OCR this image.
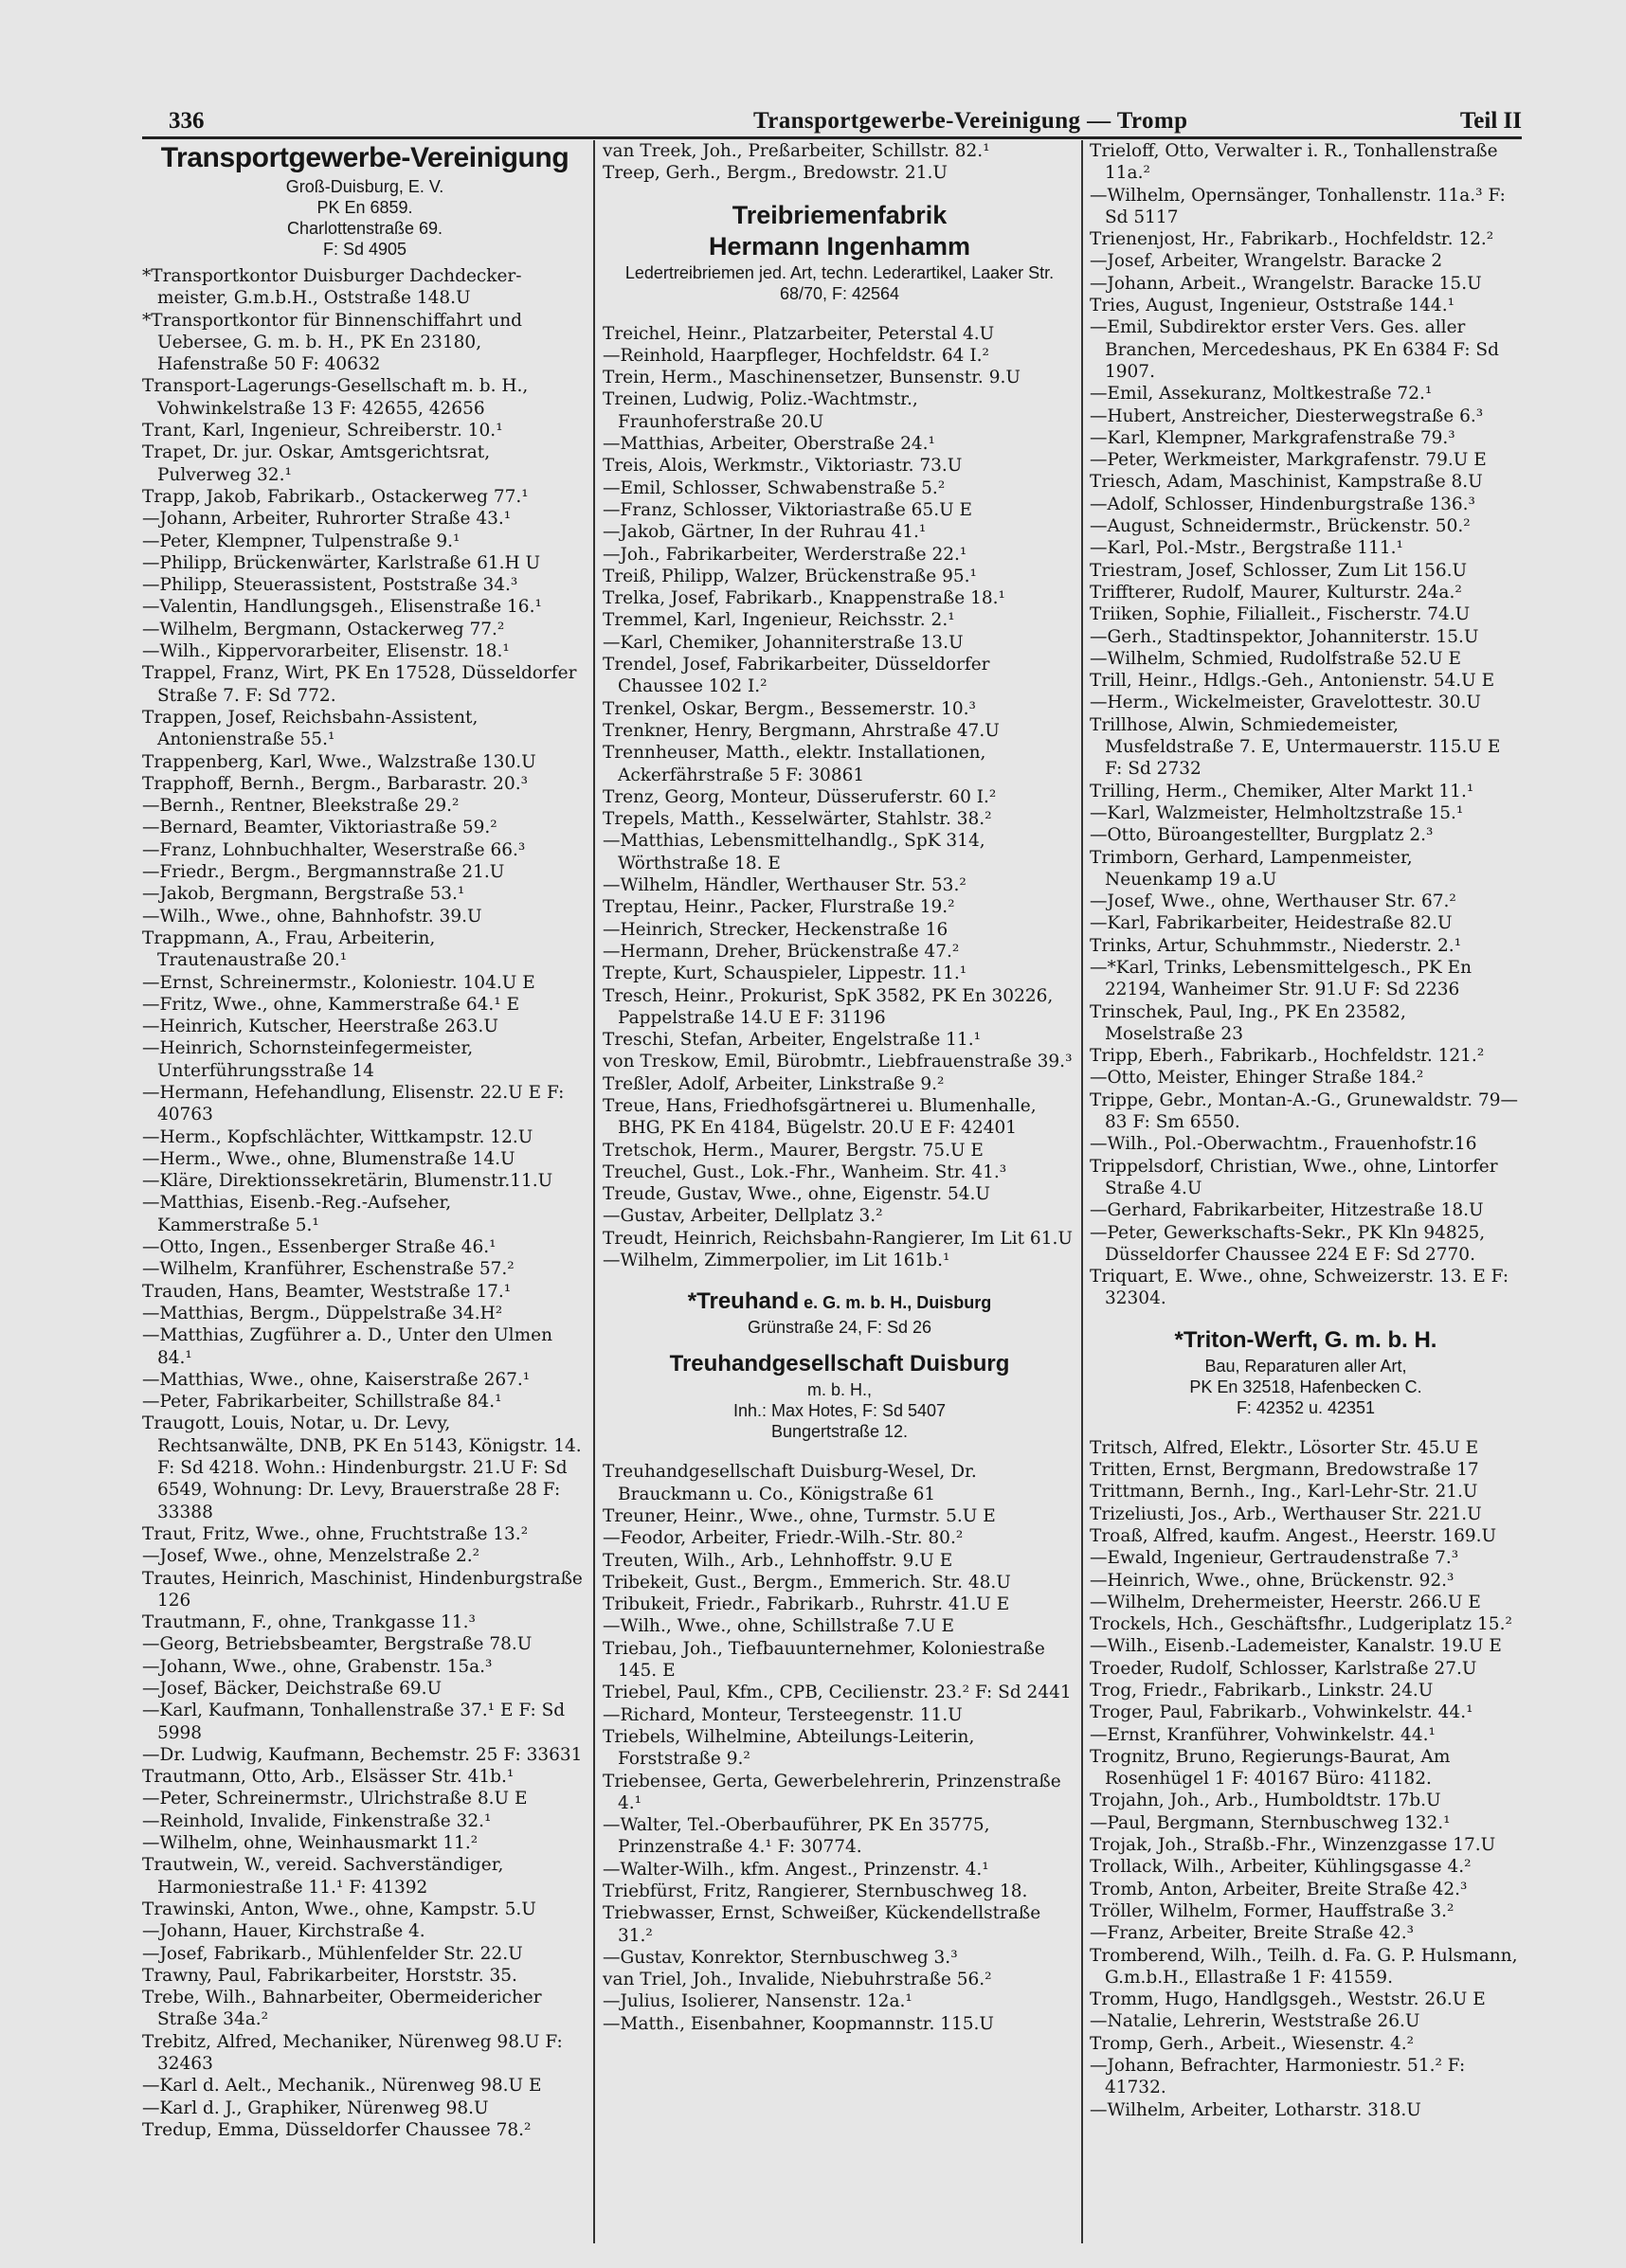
336	Transportgewerbe-Vereinigung — Tromp	Teil II
Transportgewerbe-Vereinigung
Groß-Duisburg, E. V.
PK En 6859.
Charlottenstraße 69.
F: Sd 4905
*Transportkontor Duisburger Dachdecker-meister, G.m.b.H., Oststraße 148.U
*Transportkontor für Binnenschiffahrt und Uebersee, G. m. b. H., PK En 23180, Hafenstraße 50 F: 40632
Transport-Lagerungs-Gesellschaft m. b. H., Vohwinkelstraße 13 F: 42655, 42656
Trant, Karl, Ingenieur, Schreiberstr. 10.¹
Trapet, Dr. jur. Oskar, Amtsgerichtsrat, Pulverweg 32.¹
Trapp, Jakob, Fabrikarb., Ostackerweg 77.¹
—Johann, Arbeiter, Ruhrorter Straße 43.¹
—Peter, Klempner, Tulpenstraße 9.¹
—Philipp, Brückenwärter, Karlstraße 61.H U
—Philipp, Steuerassistent, Poststraße 34.³
—Valentin, Handlungsgeh., Elisenstraße 16.¹
—Wilhelm, Bergmann, Ostackerweg 77.²
—Wilh., Kippervorarbeiter, Elisenstr. 18.¹
Trappel, Franz, Wirt, PK En 17528, Düsseldorfer Straße 7. F: Sd 772.
Trappen, Josef, Reichsbahn-Assistent, Antonienstraße 55.¹
Trappenberg, Karl, Wwe., Walzstraße 130.U
Trapphoff, Bernh., Bergm., Barbarastr. 20.³
—Bernh., Rentner, Bleekstraße 29.²
—Bernard, Beamter, Viktoriastraße 59.²
—Franz, Lohnbuchhalter, Weserstraße 66.³
—Friedr., Bergm., Bergmannstraße 21.U
—Jakob, Bergmann, Bergstraße 53.¹
—Wilh., Wwe., ohne, Bahnhofstr. 39.U
Trappmann, A., Frau, Arbeiterin, Trautenaustraße 20.¹
—Ernst, Schreinermstr., Koloniestr. 104.U E
—Fritz, Wwe., ohne, Kammerstraße 64.¹ E
—Heinrich, Kutscher, Heerstraße 263.U
—Heinrich, Schornsteinfegermeister, Unterführungsstraße 14
—Hermann, Hefehandlung, Elisenstr. 22.U E F: 40763
—Herm., Kopfschlächter, Wittkampstr. 12.U
—Herm., Wwe., ohne, Blumenstraße 14.U
—Kläre, Direktionssekretärin, Blumenstr.11.U
—Matthias, Eisenb.-Reg.-Aufseher, Kammerstraße 5.¹
—Otto, Ingen., Essenberger Straße 46.¹
—Wilhelm, Kranführer, Eschenstraße 57.²
Trauden, Hans, Beamter, Weststraße 17.¹
—Matthias, Bergm., Düppelstraße 34.H²
—Matthias, Zugführer a. D., Unter den Ulmen 84.¹
—Matthias, Wwe., ohne, Kaiserstraße 267.¹
—Peter, Fabrikarbeiter, Schillstraße 84.¹
Traugott, Louis, Notar, u. Dr. Levy, Rechtsanwälte, DNB, PK En 5143, Königstr. 14. F: Sd 4218. Wohn.: Hindenburgstr. 21.U F: Sd 6549, Wohnung: Dr. Levy, Brauerstraße 28 F: 33388
Traut, Fritz, Wwe., ohne, Fruchtstraße 13.²
—Josef, Wwe., ohne, Menzelstraße 2.²
Trautes, Heinrich, Maschinist, Hindenburgstraße 126
Trautmann, F., ohne, Trankgasse 11.³
—Georg, Betriebsbeamter, Bergstraße 78.U
—Johann, Wwe., ohne, Grabenstr. 15a.³
—Josef, Bäcker, Deichstraße 69.U
—Karl, Kaufmann, Tonhallenstraße 37.¹ E F: Sd 5998
—Dr. Ludwig, Kaufmann, Bechemstr. 25 F: 33631
Trautmann, Otto, Arb., Elsässer Str. 41b.¹
—Peter, Schreinermstr., Ulrichstraße 8.U E
—Reinhold, Invalide, Finkenstraße 32.¹
—Wilhelm, ohne, Weinhausmarkt 11.²
Trautwein, W., vereid. Sachverständiger, Harmoniestraße 11.¹ F: 41392
Trawinski, Anton, Wwe., ohne, Kampstr. 5.U
—Johann, Hauer, Kirchstraße 4.
—Josef, Fabrikarb., Mühlenfelder Str. 22.U
Trawny, Paul, Fabrikarbeiter, Horststr. 35.
Trebe, Wilh., Bahnarbeiter, Obermeidericher Straße 34a.²
Trebitz, Alfred, Mechaniker, Nürenweg 98.U F: 32463
—Karl d. Aelt., Mechanik., Nürenweg 98.U E
—Karl d. J., Graphiker, Nürenweg 98.U
Tredup, Emma, Düsseldorfer Chaussee 78.²
van Treek, Joh., Preßarbeiter, Schillstr. 82.¹
Treep, Gerh., Bergm., Bredowstr. 21.U
Treibriemenfabrik
Hermann Ingenhamm
Ledertreibriemen jed. Art, techn. Lederartikel, Laaker Str. 68/70, F: 42564
Treichel, Heinr., Platzarbeiter, Peterstal 4.U
—Reinhold, Haarpfleger, Hochfeldstr. 64 I.²
Trein, Herm., Maschinensetzer, Bunsenstr. 9.U
Treinen, Ludwig, Poliz.-Wachtmstr., Fraunhoferstraße 20.U
—Matthias, Arbeiter, Oberstraße 24.¹
Treis, Alois, Werkmstr., Viktoriastr. 73.U
—Emil, Schlosser, Schwabenstraße 5.²
—Franz, Schlosser, Viktoriastraße 65.U E
—Jakob, Gärtner, In der Ruhrau 41.¹
—Joh., Fabrikarbeiter, Werderstraße 22.¹
Treiß, Philipp, Walzer, Brückenstraße 95.¹
Trelka, Josef, Fabrikarb., Knappenstraße 18.¹
Tremmel, Karl, Ingenieur, Reichsstr. 2.¹
—Karl, Chemiker, Johanniterstraße 13.U
Trendel, Josef, Fabrikarbeiter, Düsseldorfer Chaussee 102 I.²
Trenkel, Oskar, Bergm., Bessemerstr. 10.³
Trenkner, Henry, Bergmann, Ahrstraße 47.U
Trennheuser, Matth., elektr. Installationen, Ackerfährstraße 5 F: 30861
Trenz, Georg, Monteur, Düsseruferstr. 60 I.²
Trepels, Matth., Kesselwärter, Stahlstr. 38.²
—Matthias, Lebensmittelhandlg., SpK 314, Wörthstraße 18. E
—Wilhelm, Händler, Werthauser Str. 53.²
Treptau, Heinr., Packer, Flurstraße 19.²
—Heinrich, Strecker, Heckenstraße 16
—Hermann, Dreher, Brückenstraße 47.²
Trepte, Kurt, Schauspieler, Lippestr. 11.¹
Tresch, Heinr., Prokurist, SpK 3582, PK En 30226, Pappelstraße 14.U E F: 31196
Treschi, Stefan, Arbeiter, Engelstraße 11.¹
von Treskow, Emil, Bürobmtr., Liebfrauenstraße 39.³
Treßler, Adolf, Arbeiter, Linkstraße 9.²
Treue, Hans, Friedhofsgärtnerei u. Blumenhalle, BHG, PK En 4184, Bügelstr. 20.U E F: 42401
Tretschok, Herm., Maurer, Bergstr. 75.U E
Treuchel, Gust., Lok.-Fhr., Wanheim. Str. 41.³
Treude, Gustav, Wwe., ohne, Eigenstr. 54.U
—Gustav, Arbeiter, Dellplatz 3.²
Treudt, Heinrich, Reichsbahn-Rangierer, Im Lit 61.U
—Wilhelm, Zimmerpolier, im Lit 161b.¹
*Treuhand e. G. m. b. H., Duisburg
Grünstraße 24, F: Sd 26
Treuhandgesellschaft Duisburg
m. b. H.,
Inh.: Max Hotes, F: Sd 5407
Bungertstraße 12.
Treuhandgesellschaft Duisburg-Wesel, Dr. Brauckmann u. Co., Königstraße 61
Treuner, Heinr., Wwe., ohne, Turmstr. 5.U E
—Feodor, Arbeiter, Friedr.-Wilh.-Str. 80.²
Treuten, Wilh., Arb., Lehnhoffstr. 9.U E
Tribekeit, Gust., Bergm., Emmerich. Str. 48.U
Tribukeit, Friedr., Fabrikarb., Ruhrstr. 41.U E
—Wilh., Wwe., ohne, Schillstraße 7.U E
Triebau, Joh., Tiefbauunternehmer, Koloniestraße 145. E
Triebel, Paul, Kfm., CPB, Cecilienstr. 23.² F: Sd 2441
—Richard, Monteur, Tersteegenstr. 11.U
Triebels, Wilhelmine, Abteilungs-Leiterin, Forststraße 9.²
Triebensee, Gerta, Gewerbelehrerin, Prinzenstraße 4.¹
—Walter, Tel.-Oberbauführer, PK En 35775, Prinzenstraße 4.¹ F: 30774.
—Walter-Wilh., kfm. Angest., Prinzenstr. 4.¹
Triebfürst, Fritz, Rangierer, Sternbuschweg 18.
Triebwasser, Ernst, Schweißer, Kückendellstraße 31.²
—Gustav, Konrektor, Sternbuschweg 3.³
van Triel, Joh., Invalide, Niebuhrstraße 56.²
—Julius, Isolierer, Nansenstr. 12a.¹
—Matth., Eisenbahner, Koopmannstr. 115.U
Trieloff, Otto, Verwalter i. R., Tonhallenstraße 11a.²
—Wilhelm, Opernsänger, Tonhallenstr. 11a.³ F: Sd 5117
Trienenjost, Hr., Fabrikarb., Hochfeldstr. 12.²
—Josef, Arbeiter, Wrangelstr. Baracke 2
—Johann, Arbeit., Wrangelstr. Baracke 15.U
Tries, August, Ingenieur, Oststraße 144.¹
—Emil, Subdirektor erster Vers. Ges. aller Branchen, Mercedeshaus, PK En 6384 F: Sd 1907.
—Emil, Assekuranz, Moltkestraße 72.¹
—Hubert, Anstreicher, Diesterwegstraße 6.³
—Karl, Klempner, Markgrafenstraße 79.³
—Peter, Werkmeister, Markgrafenstr. 79.U E
Triesch, Adam, Maschinist, Kampstraße 8.U
—Adolf, Schlosser, Hindenburgstraße 136.³
—August, Schneidermstr., Brückenstr. 50.²
—Karl, Pol.-Mstr., Bergstraße 111.¹
Triestram, Josef, Schlosser, Zum Lit 156.U
Triffterer, Rudolf, Maurer, Kulturstr. 24a.²
Triiken, Sophie, Filialleit., Fischerstr. 74.U
—Gerh., Stadtinspektor, Johanniterstr. 15.U
—Wilhelm, Schmied, Rudolfstraße 52.U E
Trill, Heinr., Hdlgs.-Geh., Antonienstr. 54.U E
—Herm., Wickelmeister, Gravelottestr. 30.U
Trillhose, Alwin, Schmiedemeister, Musfeldstraße 7. E, Untermauerstr. 115.U E F: Sd 2732
Trilling, Herm., Chemiker, Alter Markt 11.¹
—Karl, Walzmeister, Helmholtzstraße 15.¹
—Otto, Büroangestellter, Burgplatz 2.³
Trimborn, Gerhard, Lampenmeister, Neuenkamp 19 a.U
—Josef, Wwe., ohne, Werthauser Str. 67.²
—Karl, Fabrikarbeiter, Heidestraße 82.U
Trinks, Artur, Schuhmmstr., Niederstr. 2.¹
—*Karl, Trinks, Lebensmittelgesch., PK En 22194, Wanheimer Str. 91.U F: Sd 2236
Trinschek, Paul, Ing., PK En 23582, Moselstraße 23
Tripp, Eberh., Fabrikarb., Hochfeldstr. 121.²
—Otto, Meister, Ehinger Straße 184.²
Trippe, Gebr., Montan-A.-G., Grunewaldstr. 79—83 F: Sm 6550.
—Wilh., Pol.-Oberwachtm., Frauenhofstr.16
Trippelsdorf, Christian, Wwe., ohne, Lintorfer Straße 4.U
—Gerhard, Fabrikarbeiter, Hitzestraße 18.U
—Peter, Gewerkschafts-Sekr., PK Kln 94825, Düsseldorfer Chaussee 224 E F: Sd 2770.
Triquart, E. Wwe., ohne, Schweizerstr. 13. E F: 32304.
*Triton-Werft, G. m. b. H.
Bau, Reparaturen aller Art,
PK En 32518, Hafenbecken C.
F: 42352 u. 42351
Tritsch, Alfred, Elektr., Lösorter Str. 45.U E
Tritten, Ernst, Bergmann, Bredowstraße 17
Trittmann, Bernh., Ing., Karl-Lehr-Str. 21.U
Trizeliusti, Jos., Arb., Werthauser Str. 221.U
Troaß, Alfred, kaufm. Angest., Heerstr. 169.U
—Ewald, Ingenieur, Gertraudenstraße 7.³
—Heinrich, Wwe., ohne, Brückenstr. 92.³
—Wilhelm, Drehermeister, Heerstr. 266.U E
Trockels, Hch., Geschäftsfhr., Ludgeriplatz 15.²
—Wilh., Eisenb.-Lademeister, Kanalstr. 19.U E
Troeder, Rudolf, Schlosser, Karlstraße 27.U
Trog, Friedr., Fabrikarb., Linkstr. 24.U
Troger, Paul, Fabrikarb., Vohwinkelstr. 44.¹
—Ernst, Kranführer, Vohwinkelstr. 44.¹
Trognitz, Bruno, Regierungs-Baurat, Am Rosenhügel 1 F: 40167 Büro: 41182.
Trojahn, Joh., Arb., Humboldtstr. 17b.U
—Paul, Bergmann, Sternbuschweg 132.¹
Trojak, Joh., Straßb.-Fhr., Winzenzgasse 17.U
Trollack, Wilh., Arbeiter, Kühlingsgasse 4.²
Tromb, Anton, Arbeiter, Breite Straße 42.³
Tröller, Wilhelm, Former, Hauffstraße 3.²
—Franz, Arbeiter, Breite Straße 42.³
Tromberend, Wilh., Teilh. d. Fa. G. P. Hulsmann, G.m.b.H., Ellastraße 1 F: 41559.
Tromm, Hugo, Handlgsgeh., Weststr. 26.U E
—Natalie, Lehrerin, Weststraße 26.U
Tromp, Gerh., Arbeit., Wiesenstr. 4.²
—Johann, Befrachter, Harmoniestr. 51.² F: 41732.
—Wilhelm, Arbeiter, Lotharstr. 318.U
